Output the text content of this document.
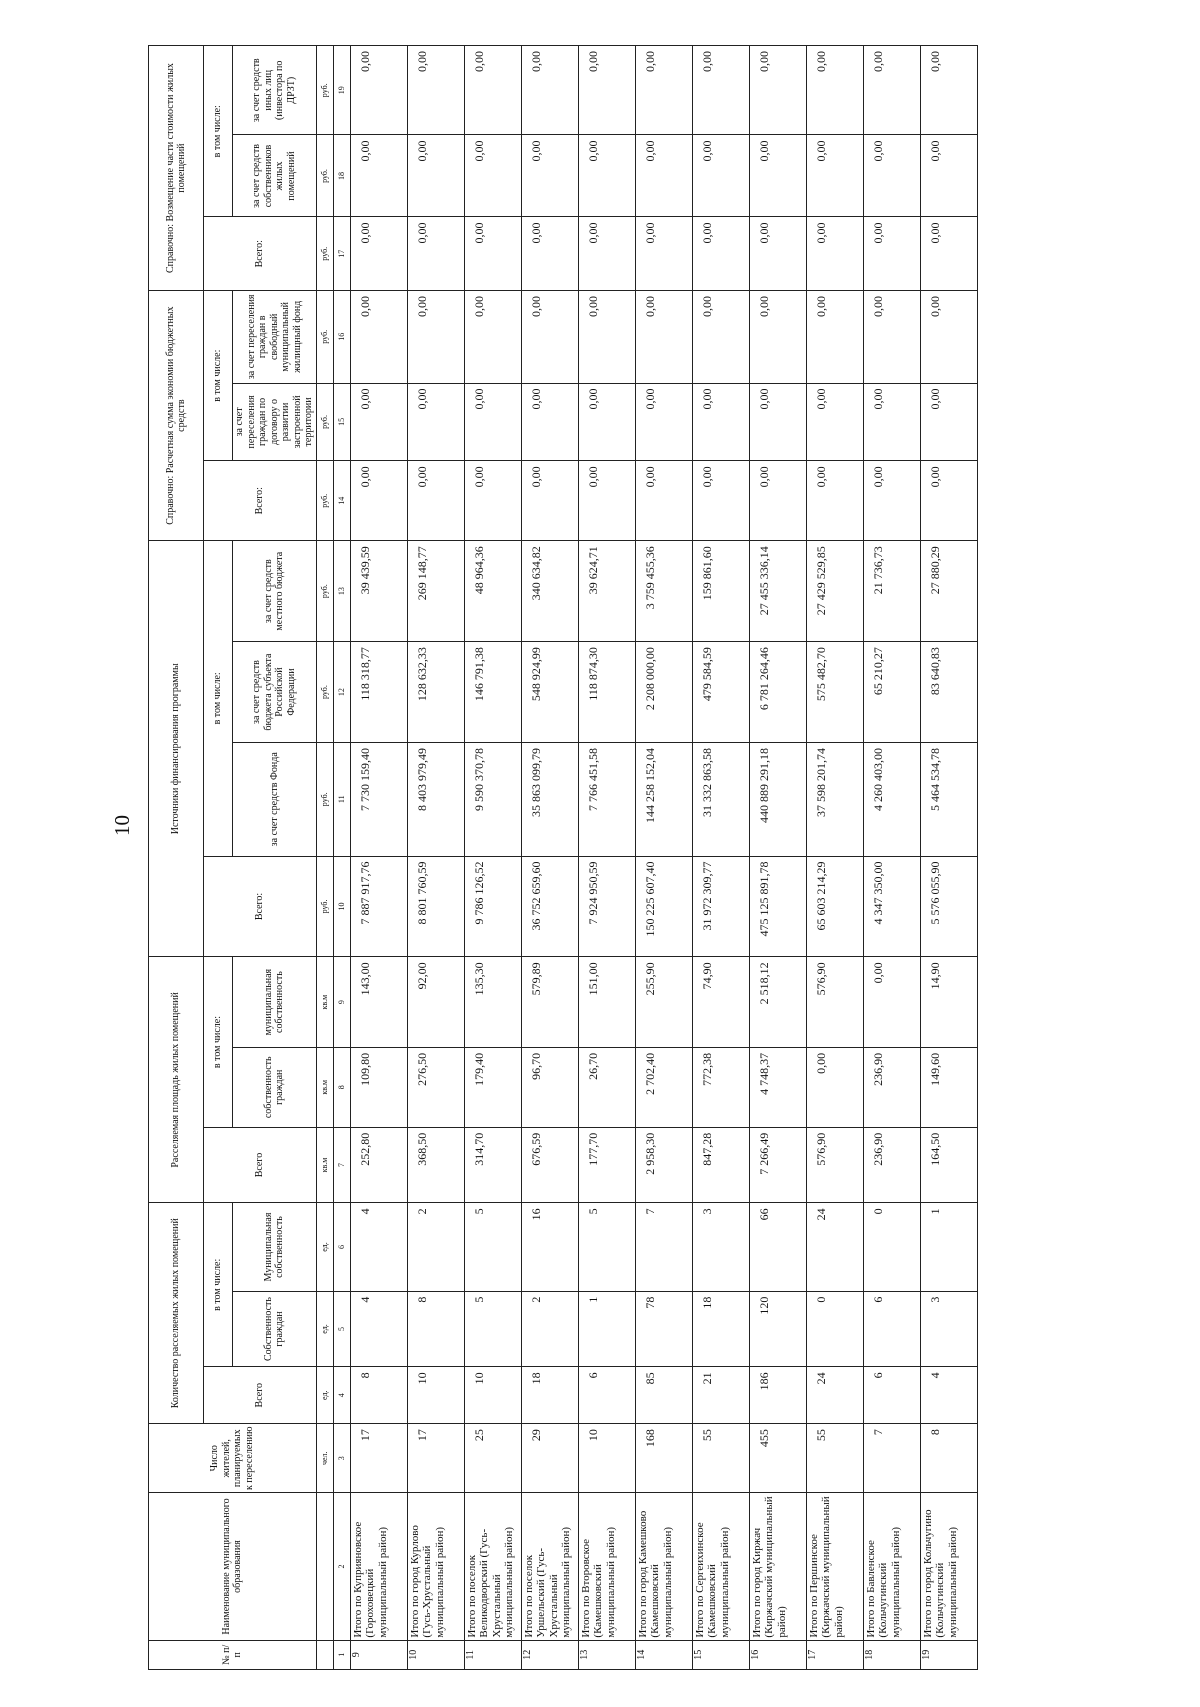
10
№ п/п	Наименование муниципального образования	Число жителей, планируемых к переселению	Количество расселяемых жилых помещений			Расселяемая площадь жилых помещений			Источники финансирования программы				Справочно: Расчетная сумма экономии бюджетных средств			Справочно: Возмещение части стоимости жилых помещений		
			Всего	в том числе:		Всего	в том числе:		Всего:	в том числе:			Всего:	в том числе:		Всего:	в том числе:	
				Собственность граждан	Муниципальная собственность		собственность граждан	муниципальная собственность		за счет средств Фонда	за счет средств бюджета субъекта Российской Федерации	за счет средств местного бюджета		за счет переселения граждан по договору о развитии застроенной территории	за счет переселения граждан в свободный муниципальный жилищный фонд		за счет средств собственников жилых помещений	за счет средств иных лиц (инвестора по ДРЗТ)
		чел.	ед.	ед.	ед.	кв.м	кв.м	кв.м	руб.	руб.	руб.	руб.	руб.	руб.	руб.	руб.	руб.	руб.
1	2	3	4	5	6	7	8	9	10	11	12	13	14	15	16	17	18	19
9	Итого по Куприяновское (Гороховецкий муниципальный район)	17	8	4	4	252,80	109,80	143,00	7 887 917,76	7 730 159,40	118 318,77	39 439,59	0,00	0,00	0,00	0,00	0,00	0,00
10	Итого по город Курлово (Гусь-Хрустальный муниципальный район)	17	10	8	2	368,50	276,50	92,00	8 801 760,59	8 403 979,49	128 632,33	269 148,77	0,00	0,00	0,00	0,00	0,00	0,00
11	Итого по поселок Великодворский (Гусь-Хрустальный муниципальный район)	25	10	5	5	314,70	179,40	135,30	9 786 126,52	9 590 370,78	146 791,38	48 964,36	0,00	0,00	0,00	0,00	0,00	0,00
12	Итого по поселок Уршельский (Гусь-Хрустальный муниципальный район)	29	18	2	16	676,59	96,70	579,89	36 752 659,60	35 863 099,79	548 924,99	340 634,82	0,00	0,00	0,00	0,00	0,00	0,00
13	Итого по Второвское (Камешковский муниципальный район)	10	6	1	5	177,70	26,70	151,00	7 924 950,59	7 766 451,58	118 874,30	39 624,71	0,00	0,00	0,00	0,00	0,00	0,00
14	Итого по город Камешково (Камешковский муниципальный район)	168	85	78	7	2 958,30	2 702,40	255,90	150 225 607,40	144 258 152,04	2 208 000,00	3 759 455,36	0,00	0,00	0,00	0,00	0,00	0,00
15	Итого по Сергеихинское (Камешковский муниципальный район)	55	21	18	3	847,28	772,38	74,90	31 972 309,77	31 332 863,58	479 584,59	159 861,60	0,00	0,00	0,00	0,00	0,00	0,00
16	Итого по город Киржач (Киржачский муниципальный район)	455	186	120	66	7 266,49	4 748,37	2 518,12	475 125 891,78	440 889 291,18	6 781 264,46	27 455 336,14	0,00	0,00	0,00	0,00	0,00	0,00
17	Итого по Першинское (Киржачский муниципальный район)	55	24	0	24	576,90	0,00	576,90	65 603 214,29	37 598 201,74	575 482,70	27 429 529,85	0,00	0,00	0,00	0,00	0,00	0,00
18	Итого по Бавленское (Кольчугинский муниципальный район)	7	6	6	0	236,90	236,90	0,00	4 347 350,00	4 260 403,00	65 210,27	21 736,73	0,00	0,00	0,00	0,00	0,00	0,00
19	Итого по город Кольчугино (Кольчугинский муниципальный район)	8	4	3	1	164,50	149,60	14,90	5 576 055,90	5 464 534,78	83 640,83	27 880,29	0,00	0,00	0,00	0,00	0,00	0,00
